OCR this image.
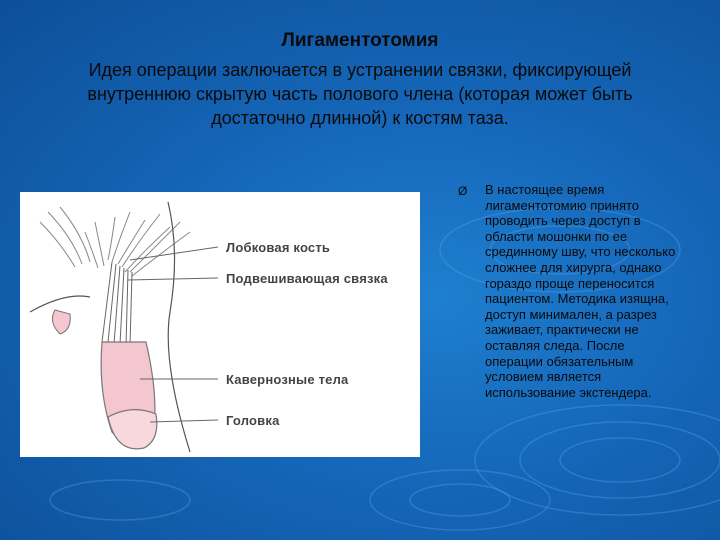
Лигаментотомия
Идея операции заключается в устранении связки, фиксирующей внутреннюю скрытую часть полового члена (которая может быть достаточно длинной) к костям таза.
Лобковая кость
Подвешивающая связка
Кавернозные тела
Головка
Ø В настоящее время лигаментотомию принято проводить через доступ в области мошонки по ее срединному шву, что несколько сложнее для хирурга, однако гораздо проще переносится пациентом. Методика изящна, доступ минимален, а разрез заживает, практически не оставляя следа. После операции обязательным условием является использование экстендера.
